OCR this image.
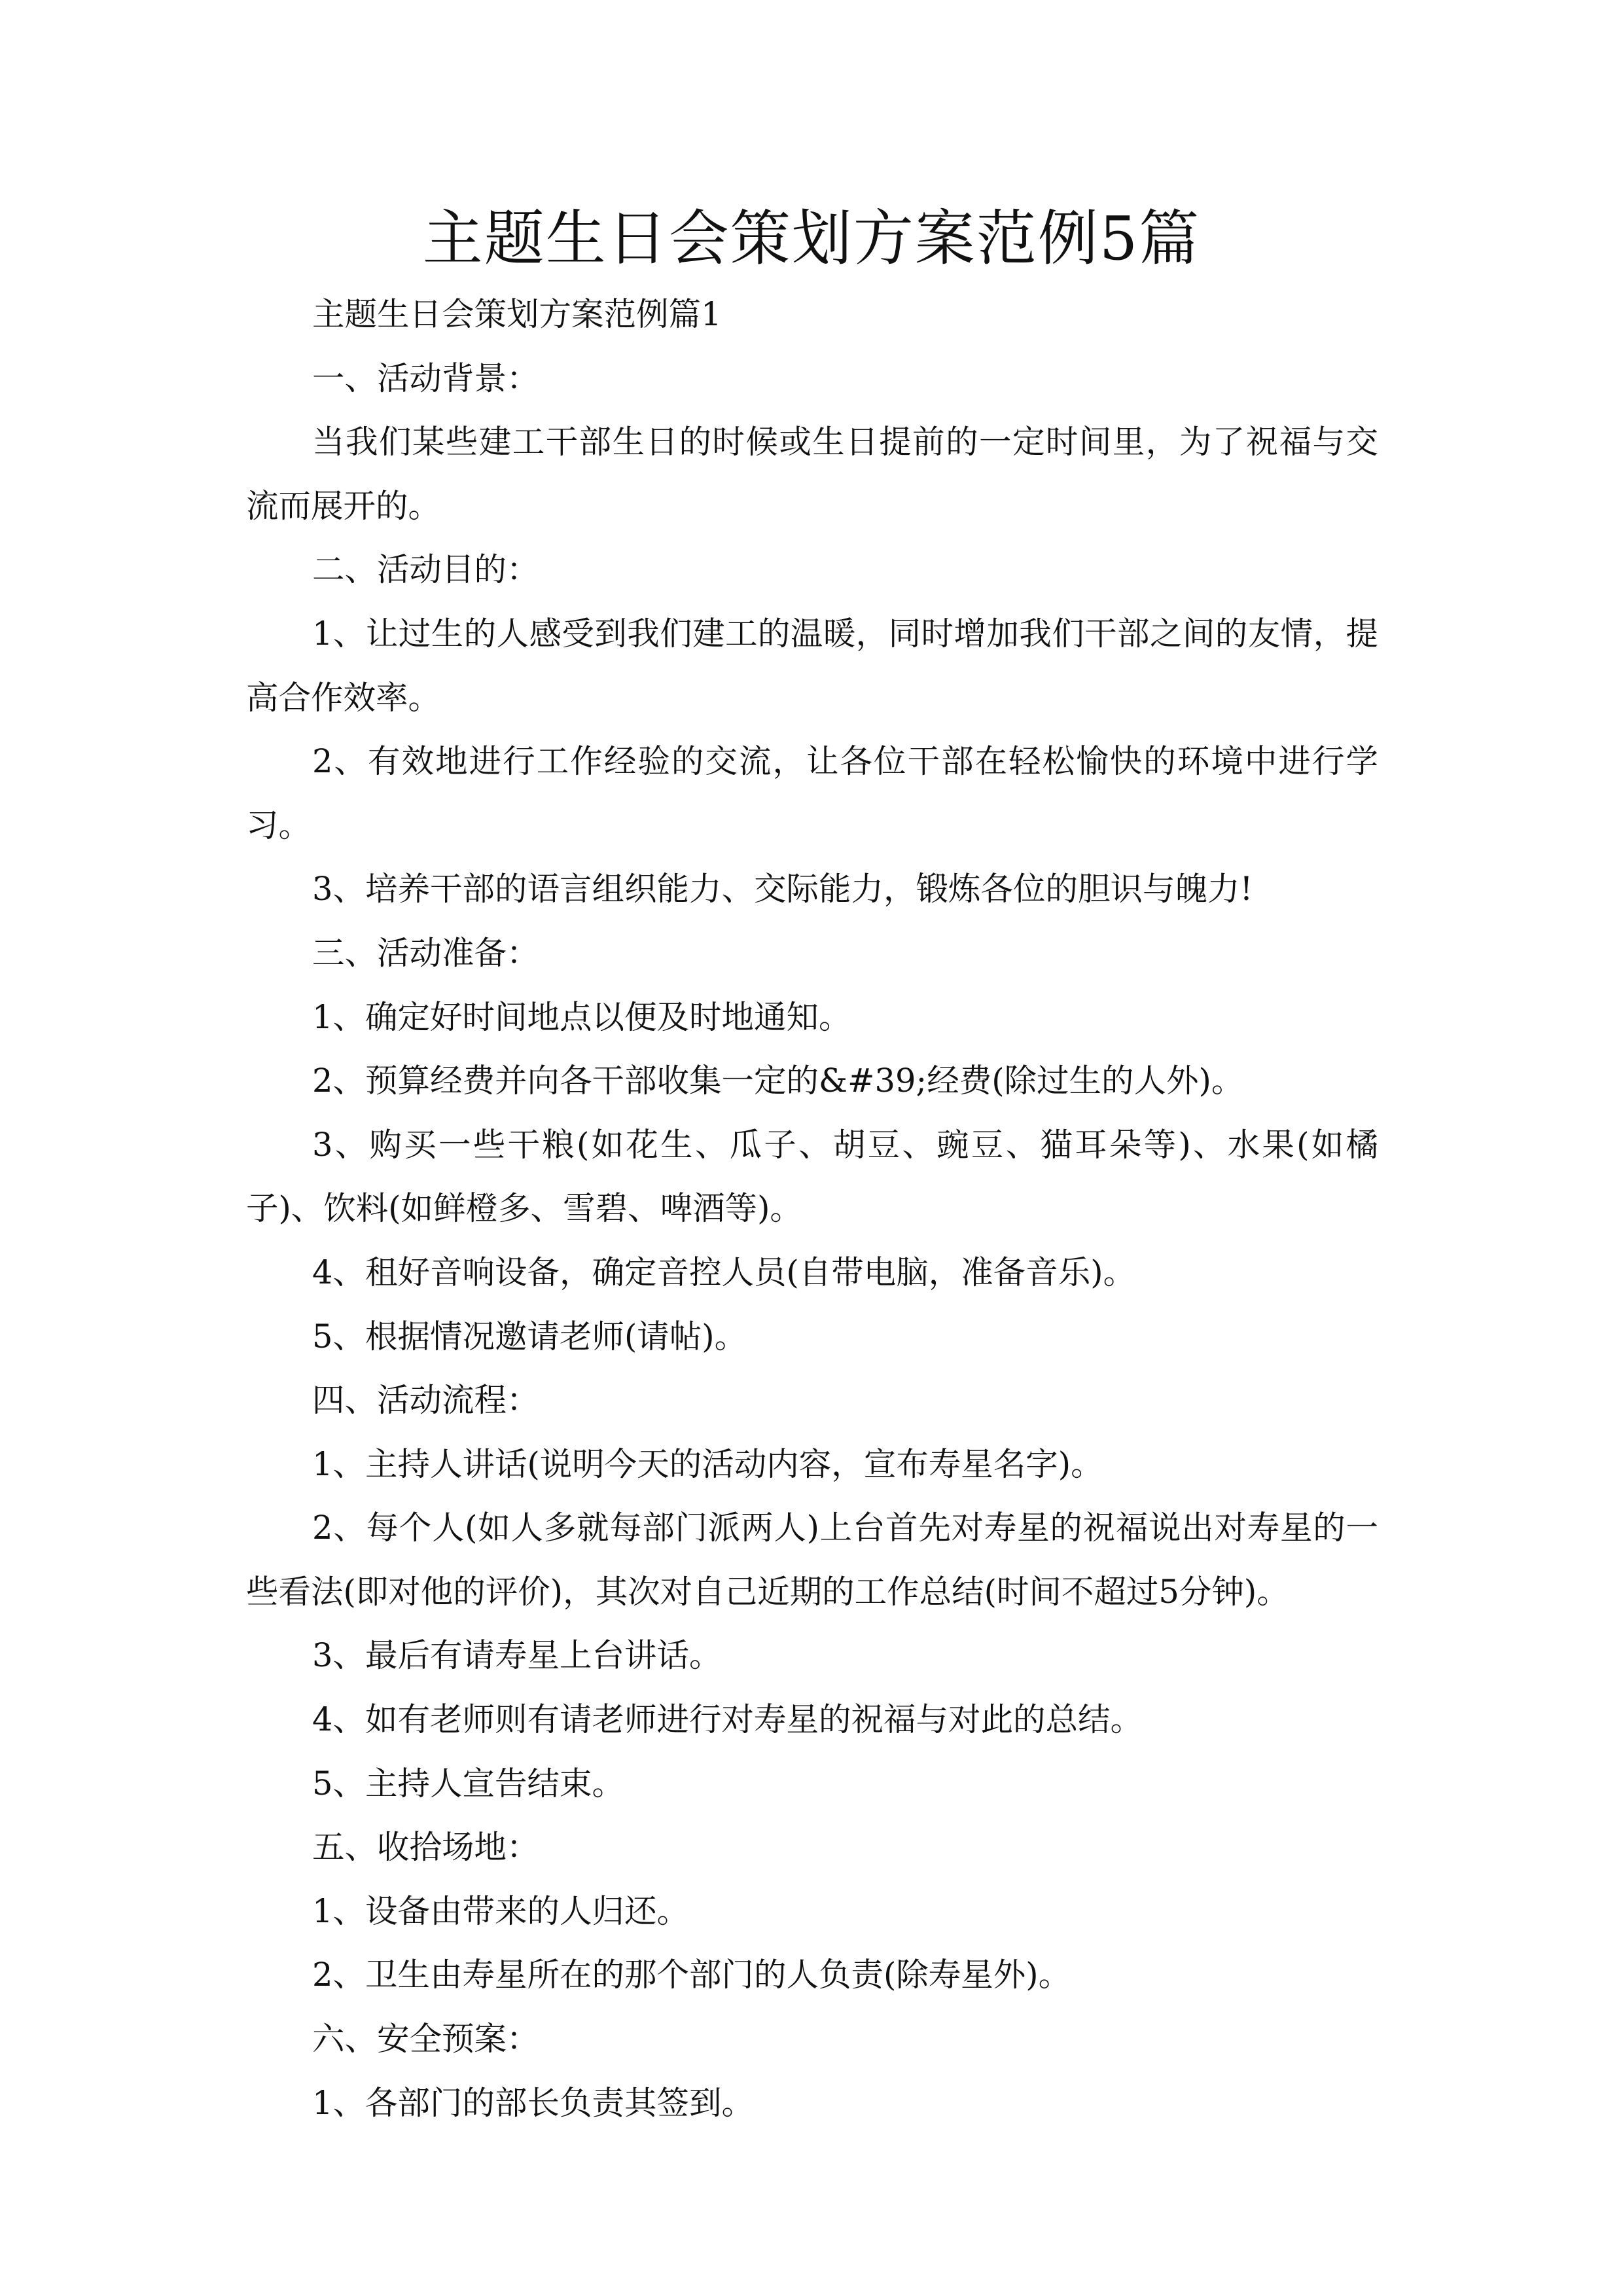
主题生日会策划方案范例5篇

主题生日会策划方案范例篇1

一、活动背景：

当我们某些建工干部生日的时候或生日提前的一定时间里，为了祝福与交流而展开的。

二、活动目的：

1、让过生的人感受到我们建工的温暖，同时增加我们干部之间的友情，提高合作效率。

2、有效地进行工作经验的交流，让各位干部在轻松愉快的环境中进行学习。

3、培养干部的语言组织能力、交际能力，锻炼各位的胆识与魄力!

三、活动准备：

1、确定好时间地点以便及时地通知。

2、预算经费并向各干部收集一定的&#39;经费(除过生的人外)。

3、购买一些干粮(如花生、瓜子、胡豆、豌豆、猫耳朵等)、水果(如橘子)、饮料(如鲜橙多、雪碧、啤酒等)。

4、租好音响设备，确定音控人员(自带电脑，准备音乐)。

5、根据情况邀请老师(请帖)。

四、活动流程：

1、主持人讲话(说明今天的活动内容，宣布寿星名字)。

2、每个人(如人多就每部门派两人)上台首先对寿星的祝福说出对寿星的一些看法(即对他的评价)，其次对自己近期的工作总结(时间不超过5分钟)。

3、最后有请寿星上台讲话。

4、如有老师则有请老师进行对寿星的祝福与对此的总结。

5、主持人宣告结束。

五、收拾场地：

1、设备由带来的人归还。

2、卫生由寿星所在的那个部门的人负责(除寿星外)。

六、安全预案：

1、各部门的部长负责其签到。
